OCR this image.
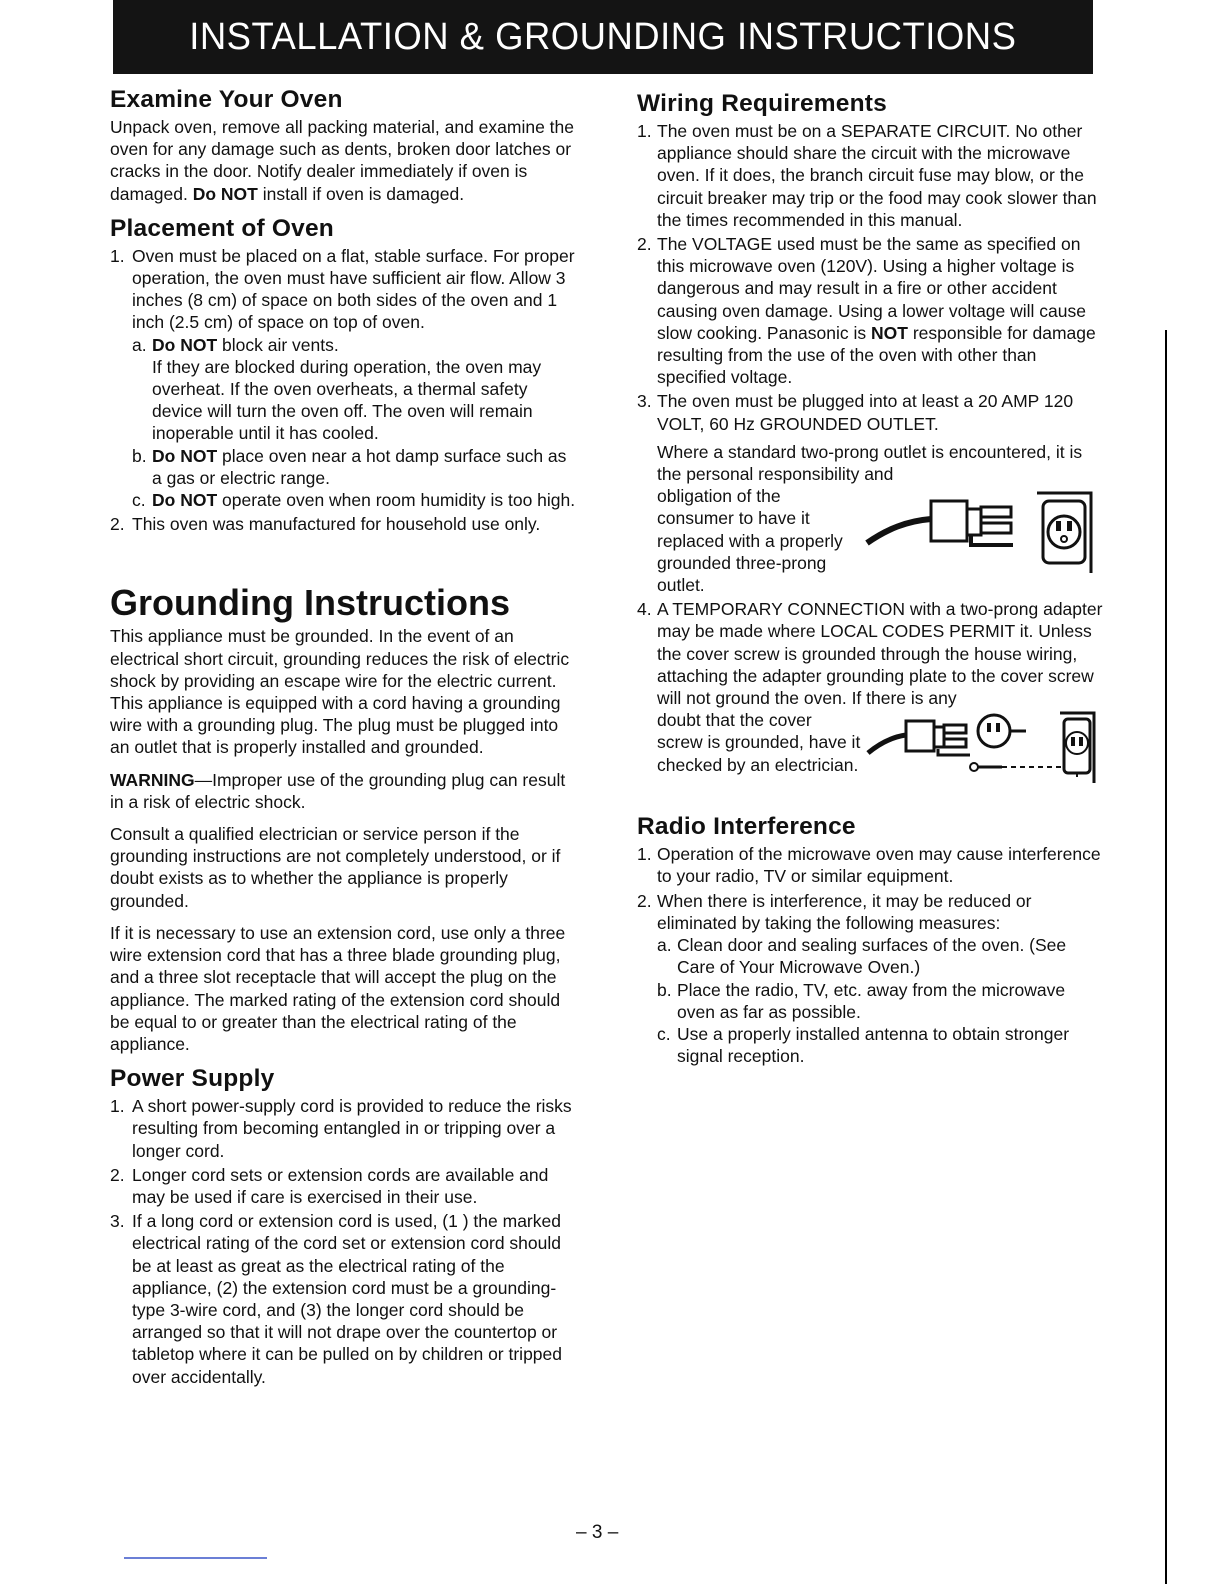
INSTALLATION & GROUNDING INSTRUCTIONS
Examine Your Oven

Unpack oven, remove all packing material, and examine the oven for any damage such as dents, broken door latches or cracks in the door. Notify dealer immediately if oven is damaged. Do NOT install if oven is damaged.

Placement of Oven
1. Oven must be placed on a flat, stable surface. For proper operation, the oven must have sufficient air flow. Allow 3 inches (8 cm) of space on both sides of the oven and 1 inch (2.5 cm) of space on top of oven.
a. Do NOT block air vents.
If they are blocked during operation, the oven may overheat. If the oven overheats, a thermal safety device will turn the oven off. The oven will remain inoperable until it has cooled.
b. Do NOT place oven near a hot damp surface such as a gas or electric range.
c. Do NOT operate oven when room humidity is too high.
2. This oven was manufactured for household use only.
Grounding Instructions

This appliance must be grounded. In the event of an electrical short circuit, grounding reduces the risk of electric shock by providing an escape wire for the electric current. This appliance is equipped with a cord having a grounding wire with a grounding plug. The plug must be plugged into an outlet that is properly installed and grounded.

WARNING—Improper use of the grounding plug can result in a risk of electric shock.

Consult a qualified electrician or service person if the grounding instructions are not completely understood, or if doubt exists as to whether the appliance is properly grounded.

If it is necessary to use an extension cord, use only a three wire extension cord that has a three blade grounding plug, and a three slot receptacle that will accept the plug on the appliance. The marked rating of the extension cord should be equal to or greater than the electrical rating of the appliance.

Power Supply
1. A short power-supply cord is provided to reduce the risks resulting from becoming entangled in or tripping over a longer cord.
2. Longer cord sets or extension cords are available and may be used if care is exercised in their use.
3. If a long cord or extension cord is used, (1 ) the marked electrical rating of the cord set or extension cord should be at least as great as the electrical rating of the appliance, (2) the extension cord must be a grounding-type 3-wire cord, and (3) the longer cord should be arranged so that it will not drape over the countertop or tabletop where it can be pulled on by children or tripped over accidentally.
Wiring Requirements
1. The oven must be on a SEPARATE CIRCUIT. No other appliance should share the circuit with the microwave oven. If it does, the branch circuit fuse may blow, or the circuit breaker may trip or the food may cook slower than the times recommended in this manual.
2. The VOLTAGE used must be the same as specified on this microwave oven (120V). Using a higher voltage is dangerous and may result in a fire or other accident causing oven damage. Using a lower voltage will cause slow cooking. Panasonic is NOT responsible for damage resulting from the use of the oven with other than specified voltage.
3. The oven must be plugged into at least a 20 AMP 120 VOLT, 60 Hz GROUNDED OUTLET.
Where a standard two-prong outlet is encountered, it is the personal responsibility and
obligation of the consumer to have it replaced with a properly grounded three-prong outlet.
4. A TEMPORARY CONNECTION with a two-prong adapter may be made where LOCAL CODES PERMIT it. Unless the cover screw is grounded through the house wiring, attaching the adapter grounding plate to the cover screw will not ground the oven. If there is any
doubt that the cover screw is grounded, have it checked by an electrician.
Radio Interference
1. Operation of the microwave oven may cause interference to your radio, TV or similar equipment.
2. When there is interference, it may be reduced or eliminated by taking the following measures:
a. Clean door and sealing surfaces of the oven. (See Care of Your Microwave Oven.)
b. Place the radio, TV, etc. away from the microwave oven as far as possible.
c. Use a properly installed antenna to obtain stronger signal reception.
– 3 –
